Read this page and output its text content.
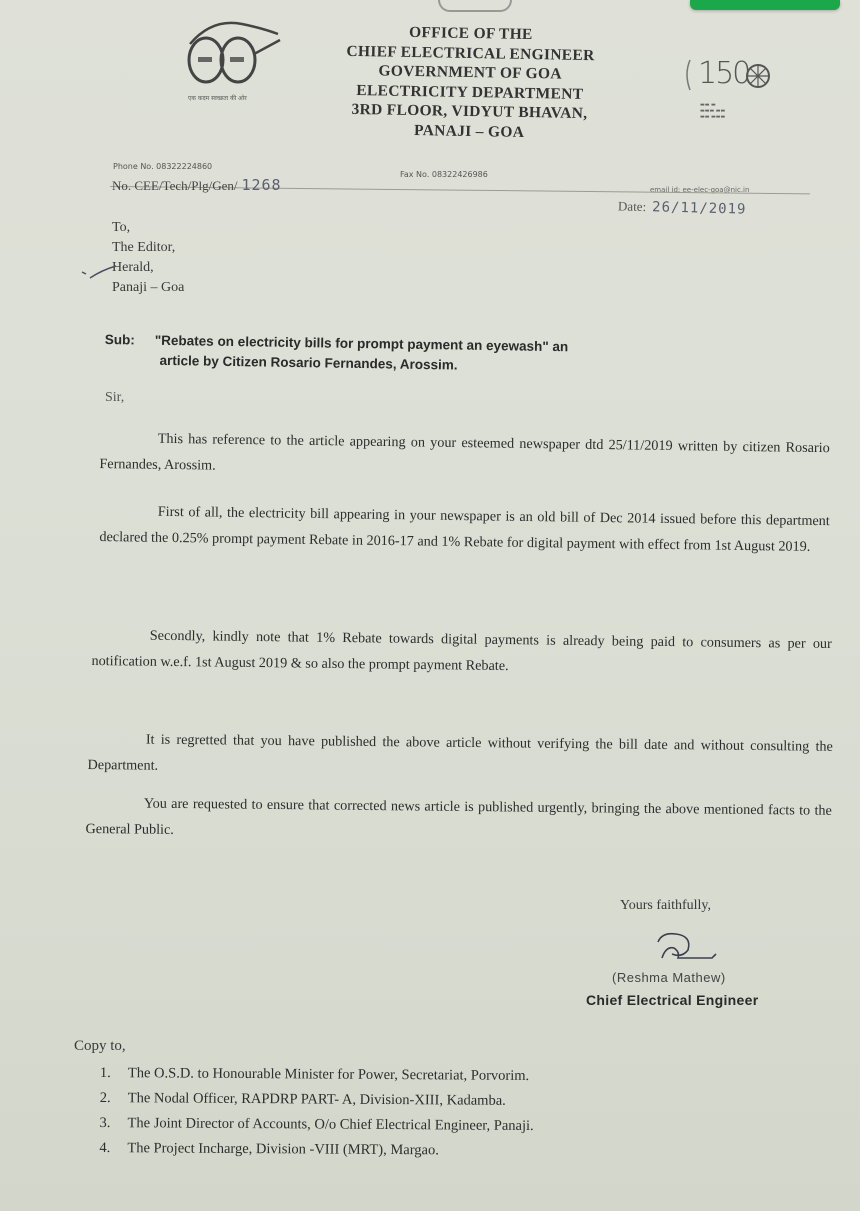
एक कदम स्वच्छता की ओर
OFFICE OF THE
CHIEF ELECTRICAL ENGINEER
GOVERNMENT OF GOA
ELECTRICITY DEPARTMENT
3RD FLOOR, VIDYUT BHAVAN,
PANAJI – GOA
150
▬▬ ▬
▬▬▬ ▬▬
▬▬ ▬▬▬
Phone No. 08322224860
Fax No. 08322426986
email id: ee-elec-goa@nic.in
No. CEE/Tech/Plg/Gen/ 1268
Date: 26/11/2019
To,
The Editor,
Herald,
Panaji – Goa
Sub: "Rebates on electricity bills for prompt payment an eyewash" an
article by Citizen Rosario Fernandes, Arossim.
Sir,
This has reference to the article appearing on your esteemed newspaper dtd 25/11/2019 written by citizen Rosario Fernandes, Arossim.
First of all, the electricity bill appearing in your newspaper is an old bill of Dec 2014 issued before this department declared the 0.25% prompt payment Rebate in 2016-17 and 1% Rebate for digital payment with effect from 1st August 2019.
Secondly, kindly note that 1% Rebate towards digital payments is already being paid to consumers as per our notification w.e.f. 1st August 2019 & so also the prompt payment Rebate.
It is regretted that you have published the above article without verifying the bill date and without consulting the Department.
You are requested to ensure that corrected news article is published urgently, bringing the above mentioned facts to the General Public.
Yours faithfully,
(Reshma Mathew)
Chief Electrical Engineer
Copy to,
1. The O.S.D. to Honourable Minister for Power, Secretariat, Porvorim.
2. The Nodal Officer, RAPDRP PART- A, Division-XIII, Kadamba.
3. The Joint Director of Accounts, O/o Chief Electrical Engineer, Panaji.
4. The Project Incharge, Division -VIII (MRT), Margao.
